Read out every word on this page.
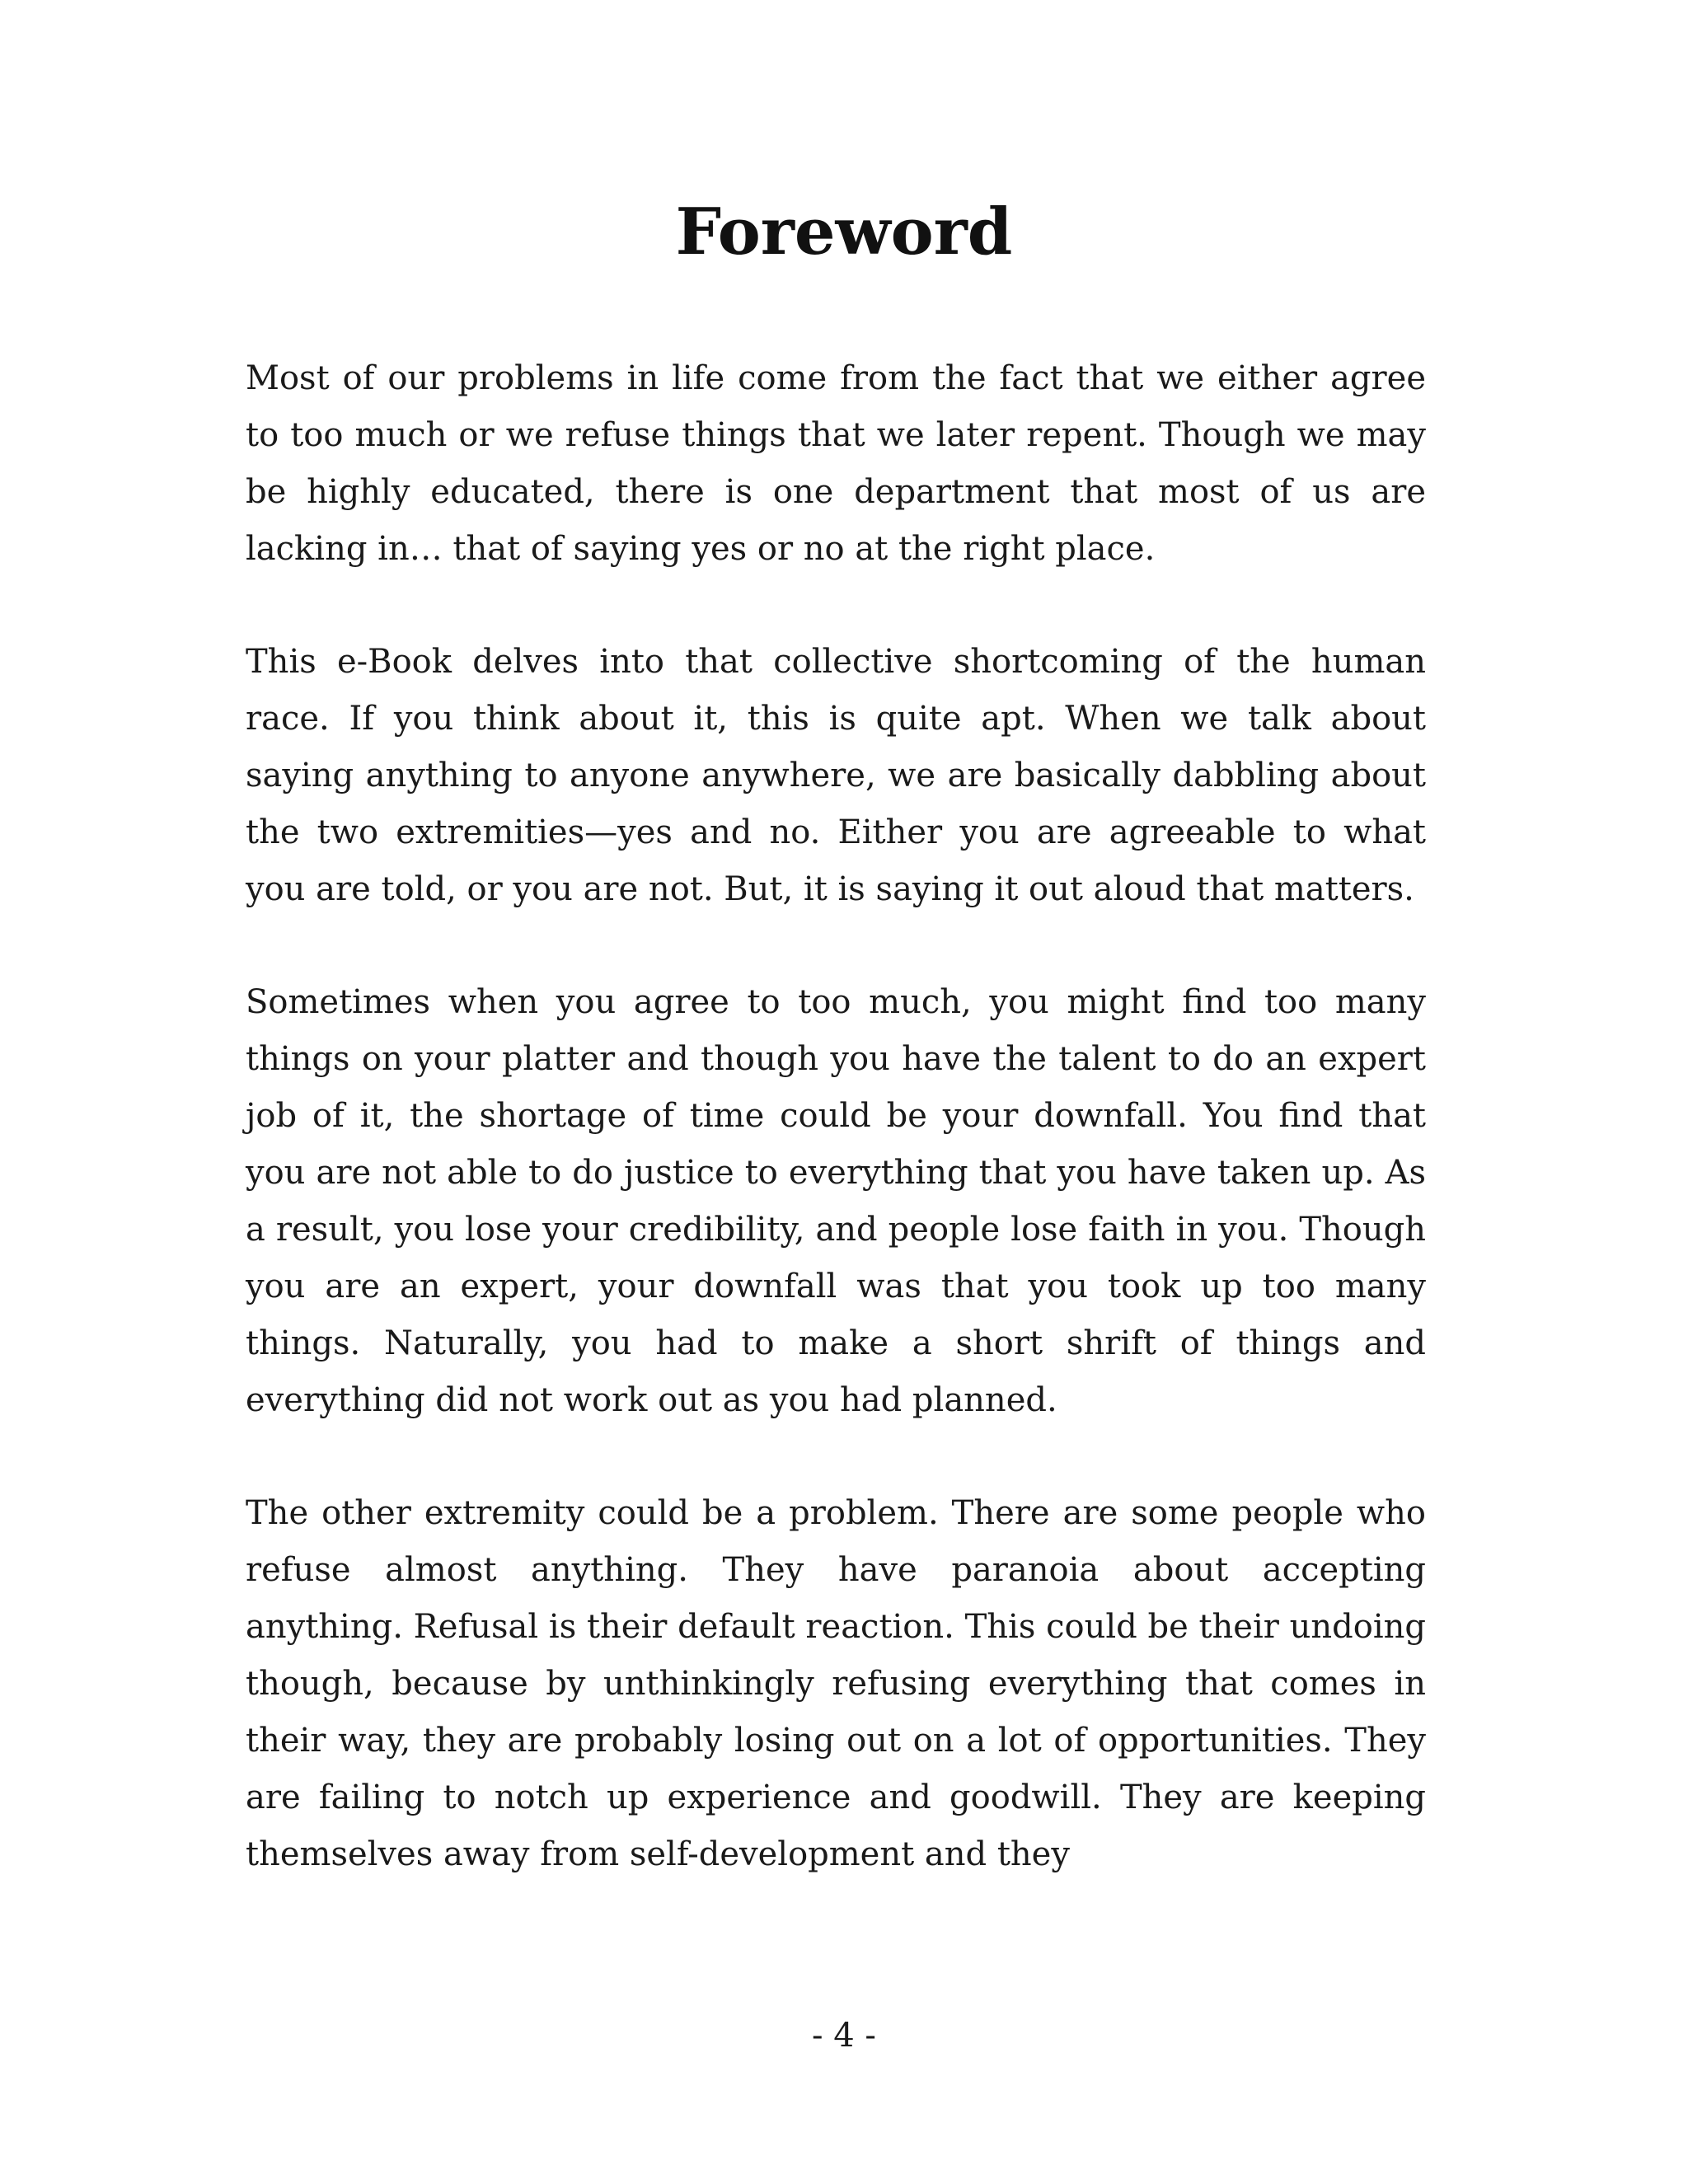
Foreword

Most of our problems in life come from the fact that we either agree to too much or we refuse things that we later repent. Though we may be highly educated, there is one department that most of us are lacking in… that of saying yes or no at the right place.

This e-Book delves into that collective shortcoming of the human race. If you think about it, this is quite apt. When we talk about saying anything to anyone anywhere, we are basically dabbling about the two extremities—yes and no. Either you are agreeable to what you are told, or you are not. But, it is saying it out aloud that matters.

Sometimes when you agree to too much, you might find too many things on your platter and though you have the talent to do an expert job of it, the shortage of time could be your downfall. You find that you are not able to do justice to everything that you have taken up. As a result, you lose your credibility, and people lose faith in you. Though you are an expert, your downfall was that you took up too many things. Naturally, you had to make a short shrift of things and everything did not work out as you had planned.

The other extremity could be a problem. There are some people who refuse almost anything. They have paranoia about accepting anything. Refusal is their default reaction. This could be their undoing though, because by unthinkingly refusing everything that comes in their way, they are probably losing out on a lot of opportunities. They are failing to notch up experience and goodwill. They are keeping themselves away from self-development and they

- 4 -
